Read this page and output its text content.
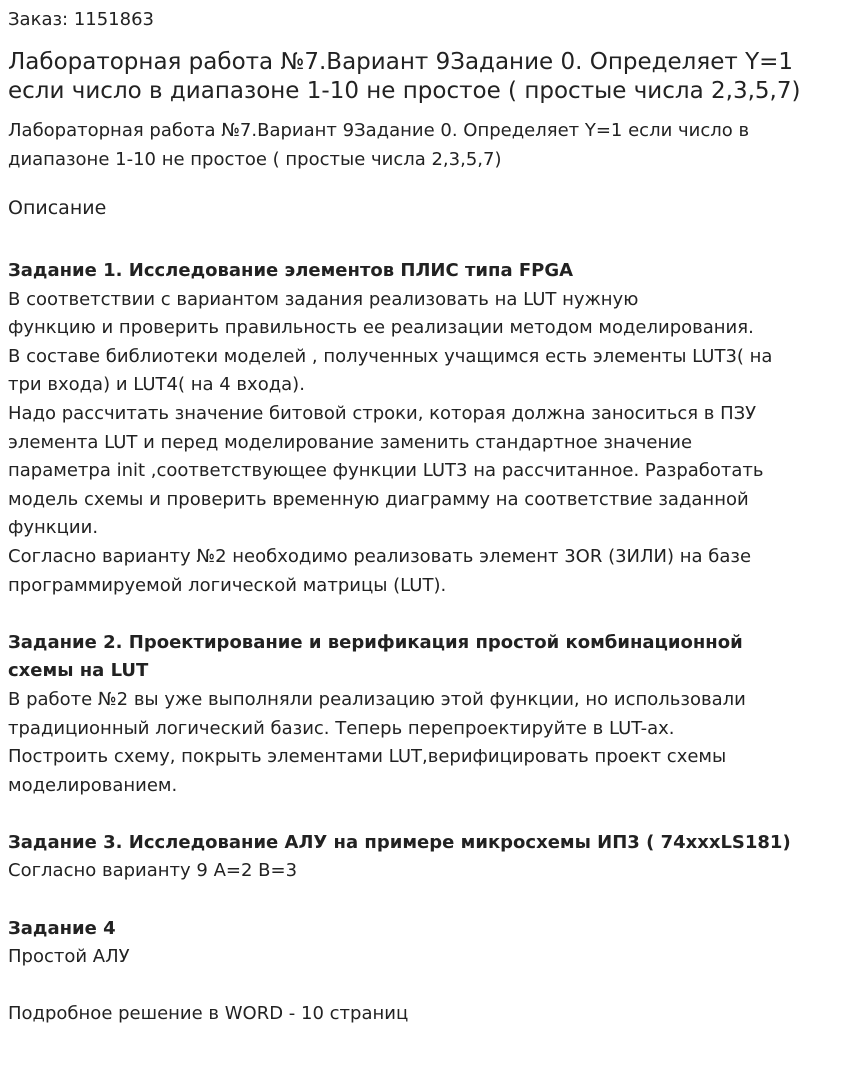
Заказ: 1151863

Лабораторная работа №7.Вариант 9Задание 0. Определяет Y=1 если число в диапазоне 1-10 не простое ( простые числа 2,3,5,7)

Лабораторная работа №7.Вариант 9Задание 0. Определяет Y=1 если число в диапазоне 1-10 не простое ( простые числа 2,3,5,7)

Описание

Задание 1. Исследование элементов ПЛИС типа FPGA
В соответствии с вариантом задания реализовать на LUT нужную
функцию и проверить правильность ее реализации методом моделирования.
В составе библиотеки моделей , полученных учащимся есть элементы LUT3( на
три входа) и LUT4( на 4 входа).
Надо рассчитать значение битовой строки, которая должна заноситься в ПЗУ
элемента LUT и перед моделирование заменить стандартное значение
параметра init ,соответствующее функции LUT3 на рассчитанное. Разработать
модель схемы и проверить временную диаграмму на соответствие заданной
функции.
Согласно варианту №2 необходимо реализовать элемент 3OR (3ИЛИ) на базе
программируемой логической матрицы (LUT).
Задание 2. Проектирование и верификация простой комбинационной
схемы на LUT
В работе №2 вы уже выполняли реализацию этой функции, но использовали
традиционный логический базис. Теперь перепроектируйте в LUT-ах.
Построить схему, покрыть элементами LUT,верифицировать проект схемы
моделированием.
Задание 3. Исследование АЛУ на примере микросхемы ИП3 ( 74xxxLS181)
Согласно варианту 9 A=2 B=3
Задание 4
Простой АЛУ
Подробное решение в WORD - 10 страниц
